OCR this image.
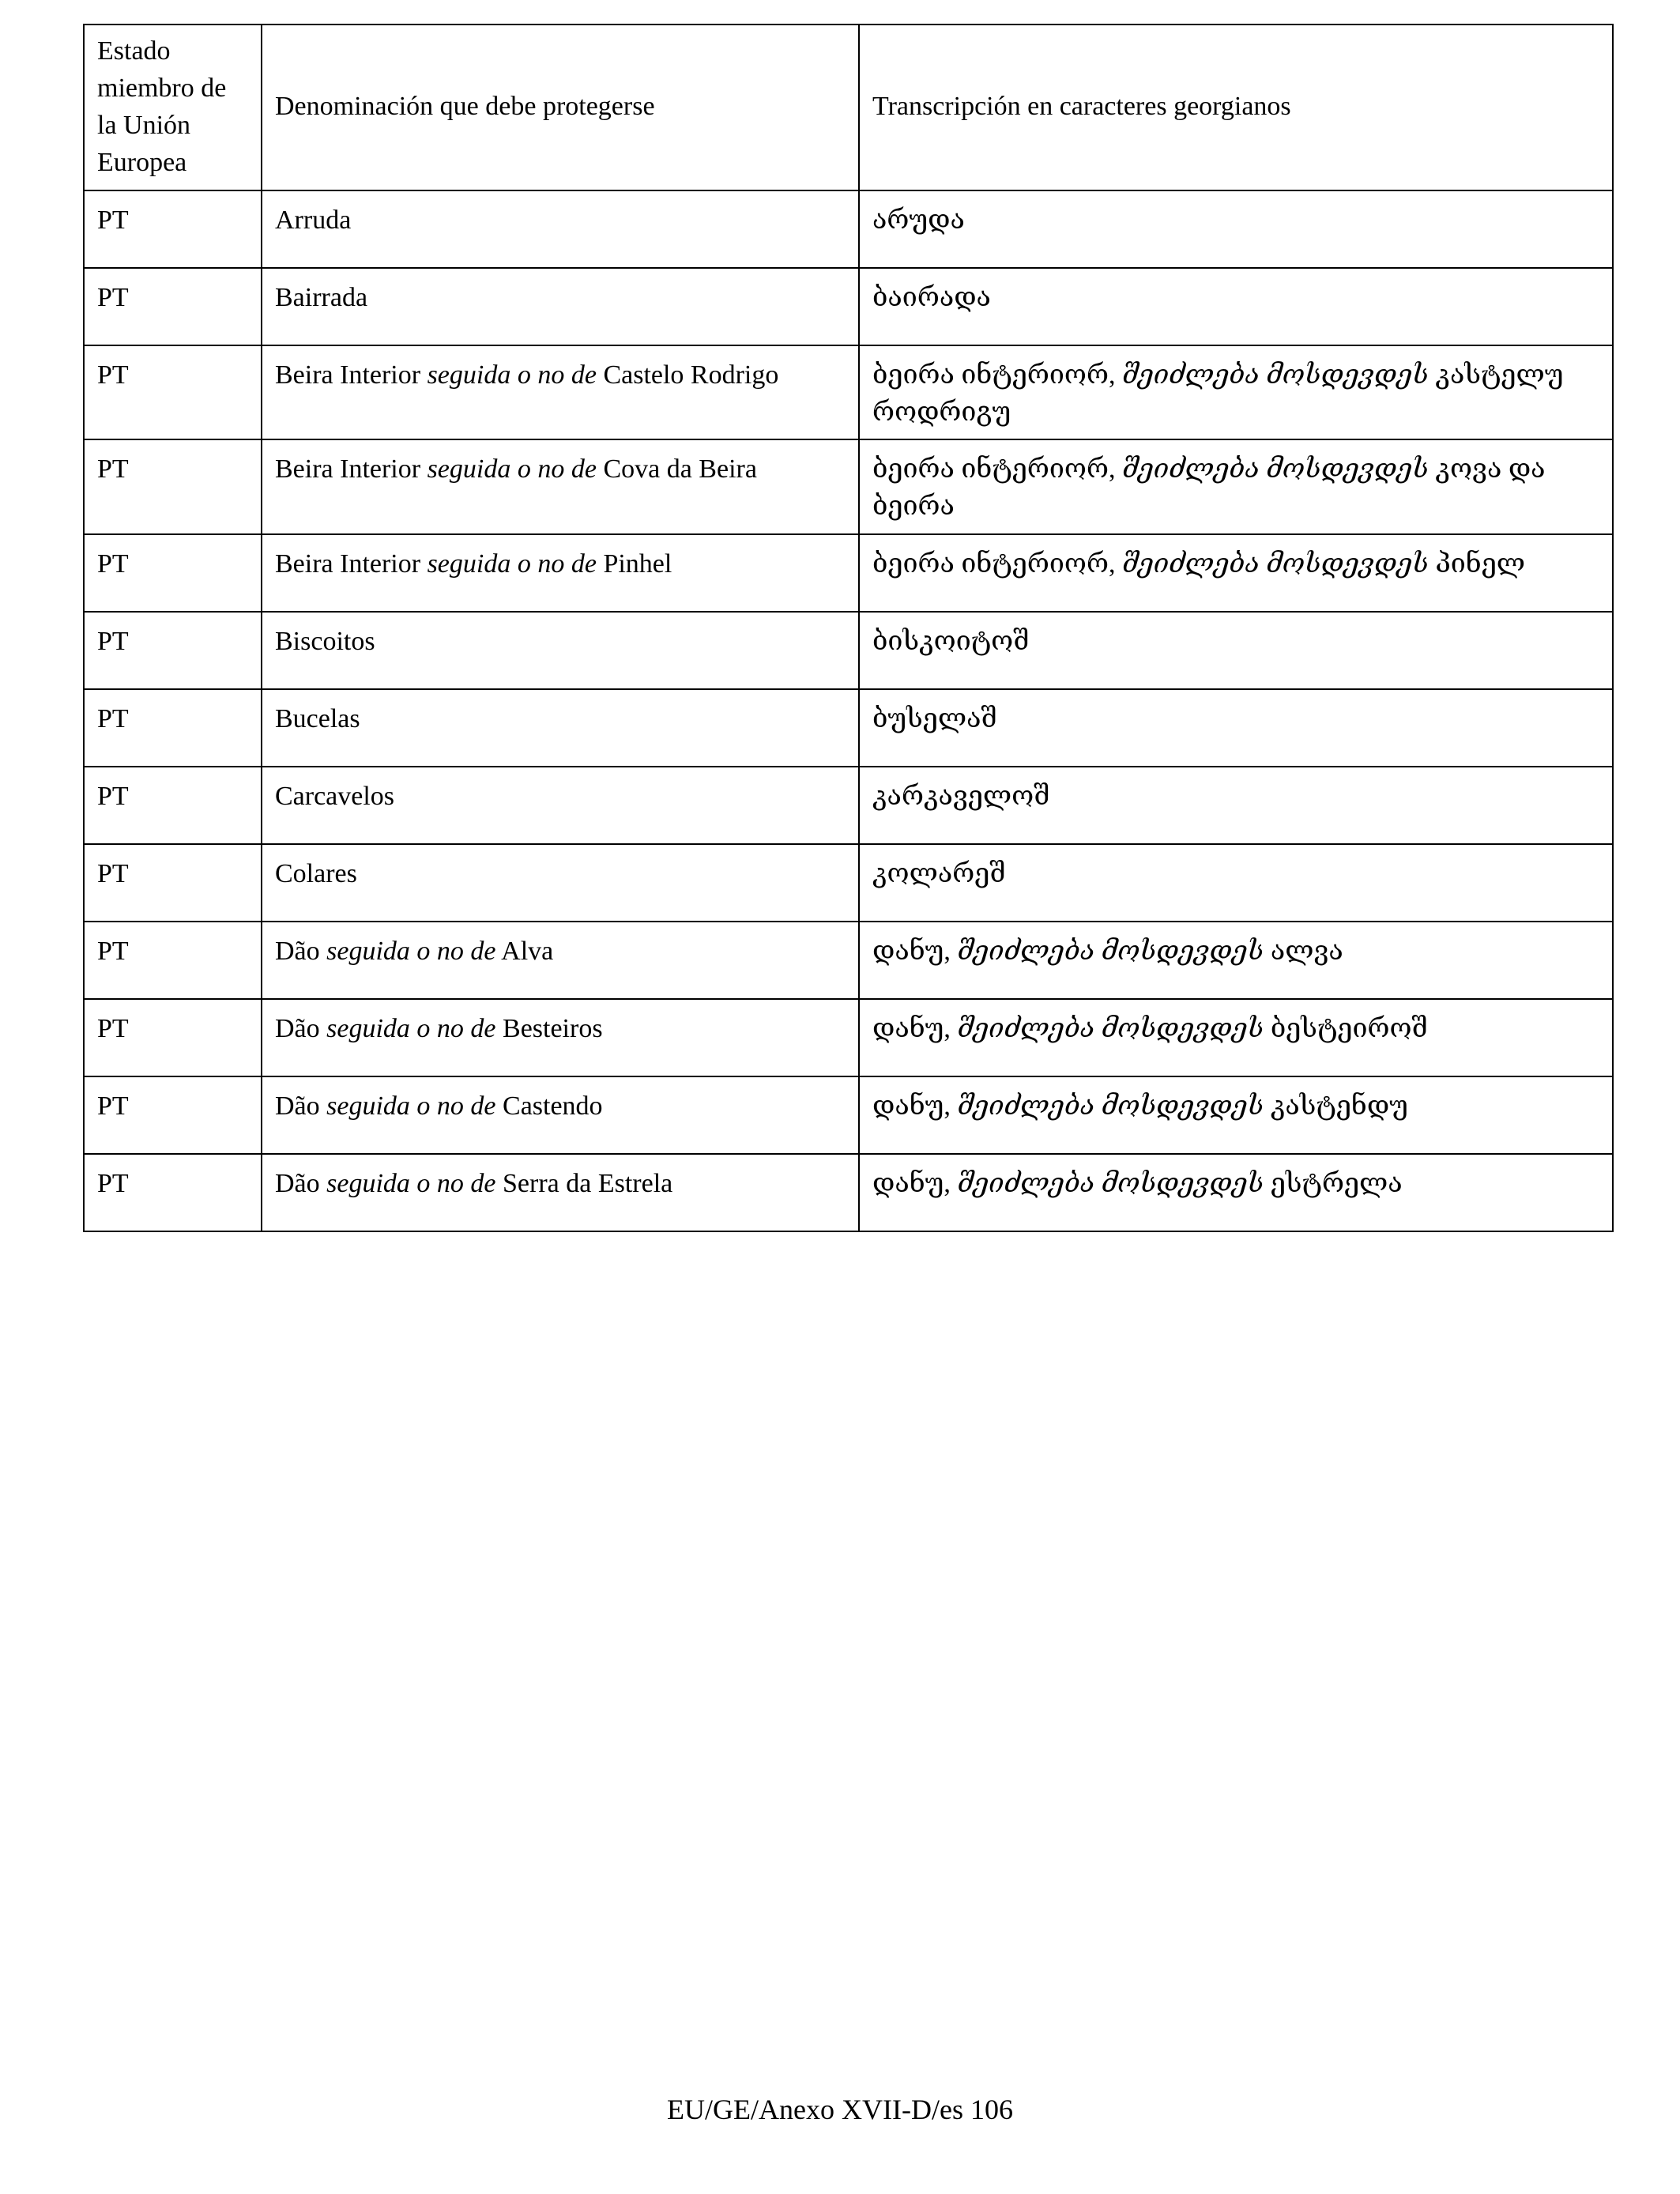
Estado miembro de la Unión Europea	Denominación que debe protegerse	Transcripción en caracteres georgianos
PT	Arruda	არუდა
PT	Bairrada	ბაირადა
PT	Beira Interior seguida o no de Castelo Rodrigo	ბეირა ინტერიორ, შეიძლება მოსდევდეს კასტელუ როდრიგუ
PT	Beira Interior seguida o no de Cova da Beira	ბეირა ინტერიორ, შეიძლება მოსდევდეს კოვა და ბეირა
PT	Beira Interior seguida o no de Pinhel	ბეირა ინტერიორ, შეიძლება მოსდევდეს პინელ
PT	Biscoitos	ბისკოიტოშ
PT	Bucelas	ბუსელაშ
PT	Carcavelos	კარკაველოშ
PT	Colares	კოლარეშ
PT	Dão seguida o no de Alva	დანუ, შეიძლება მოსდევდეს ალვა
PT	Dão seguida o no de Besteiros	დანუ, შეიძლება მოსდევდეს ბესტეიროშ
PT	Dão seguida o no de Castendo	დანუ, შეიძლება მოსდევდეს კასტენდუ
PT	Dão seguida o no de Serra da Estrela	დანუ, შეიძლება მოსდევდეს ესტრელა
EU/GE/Anexo XVII-D/es 106
